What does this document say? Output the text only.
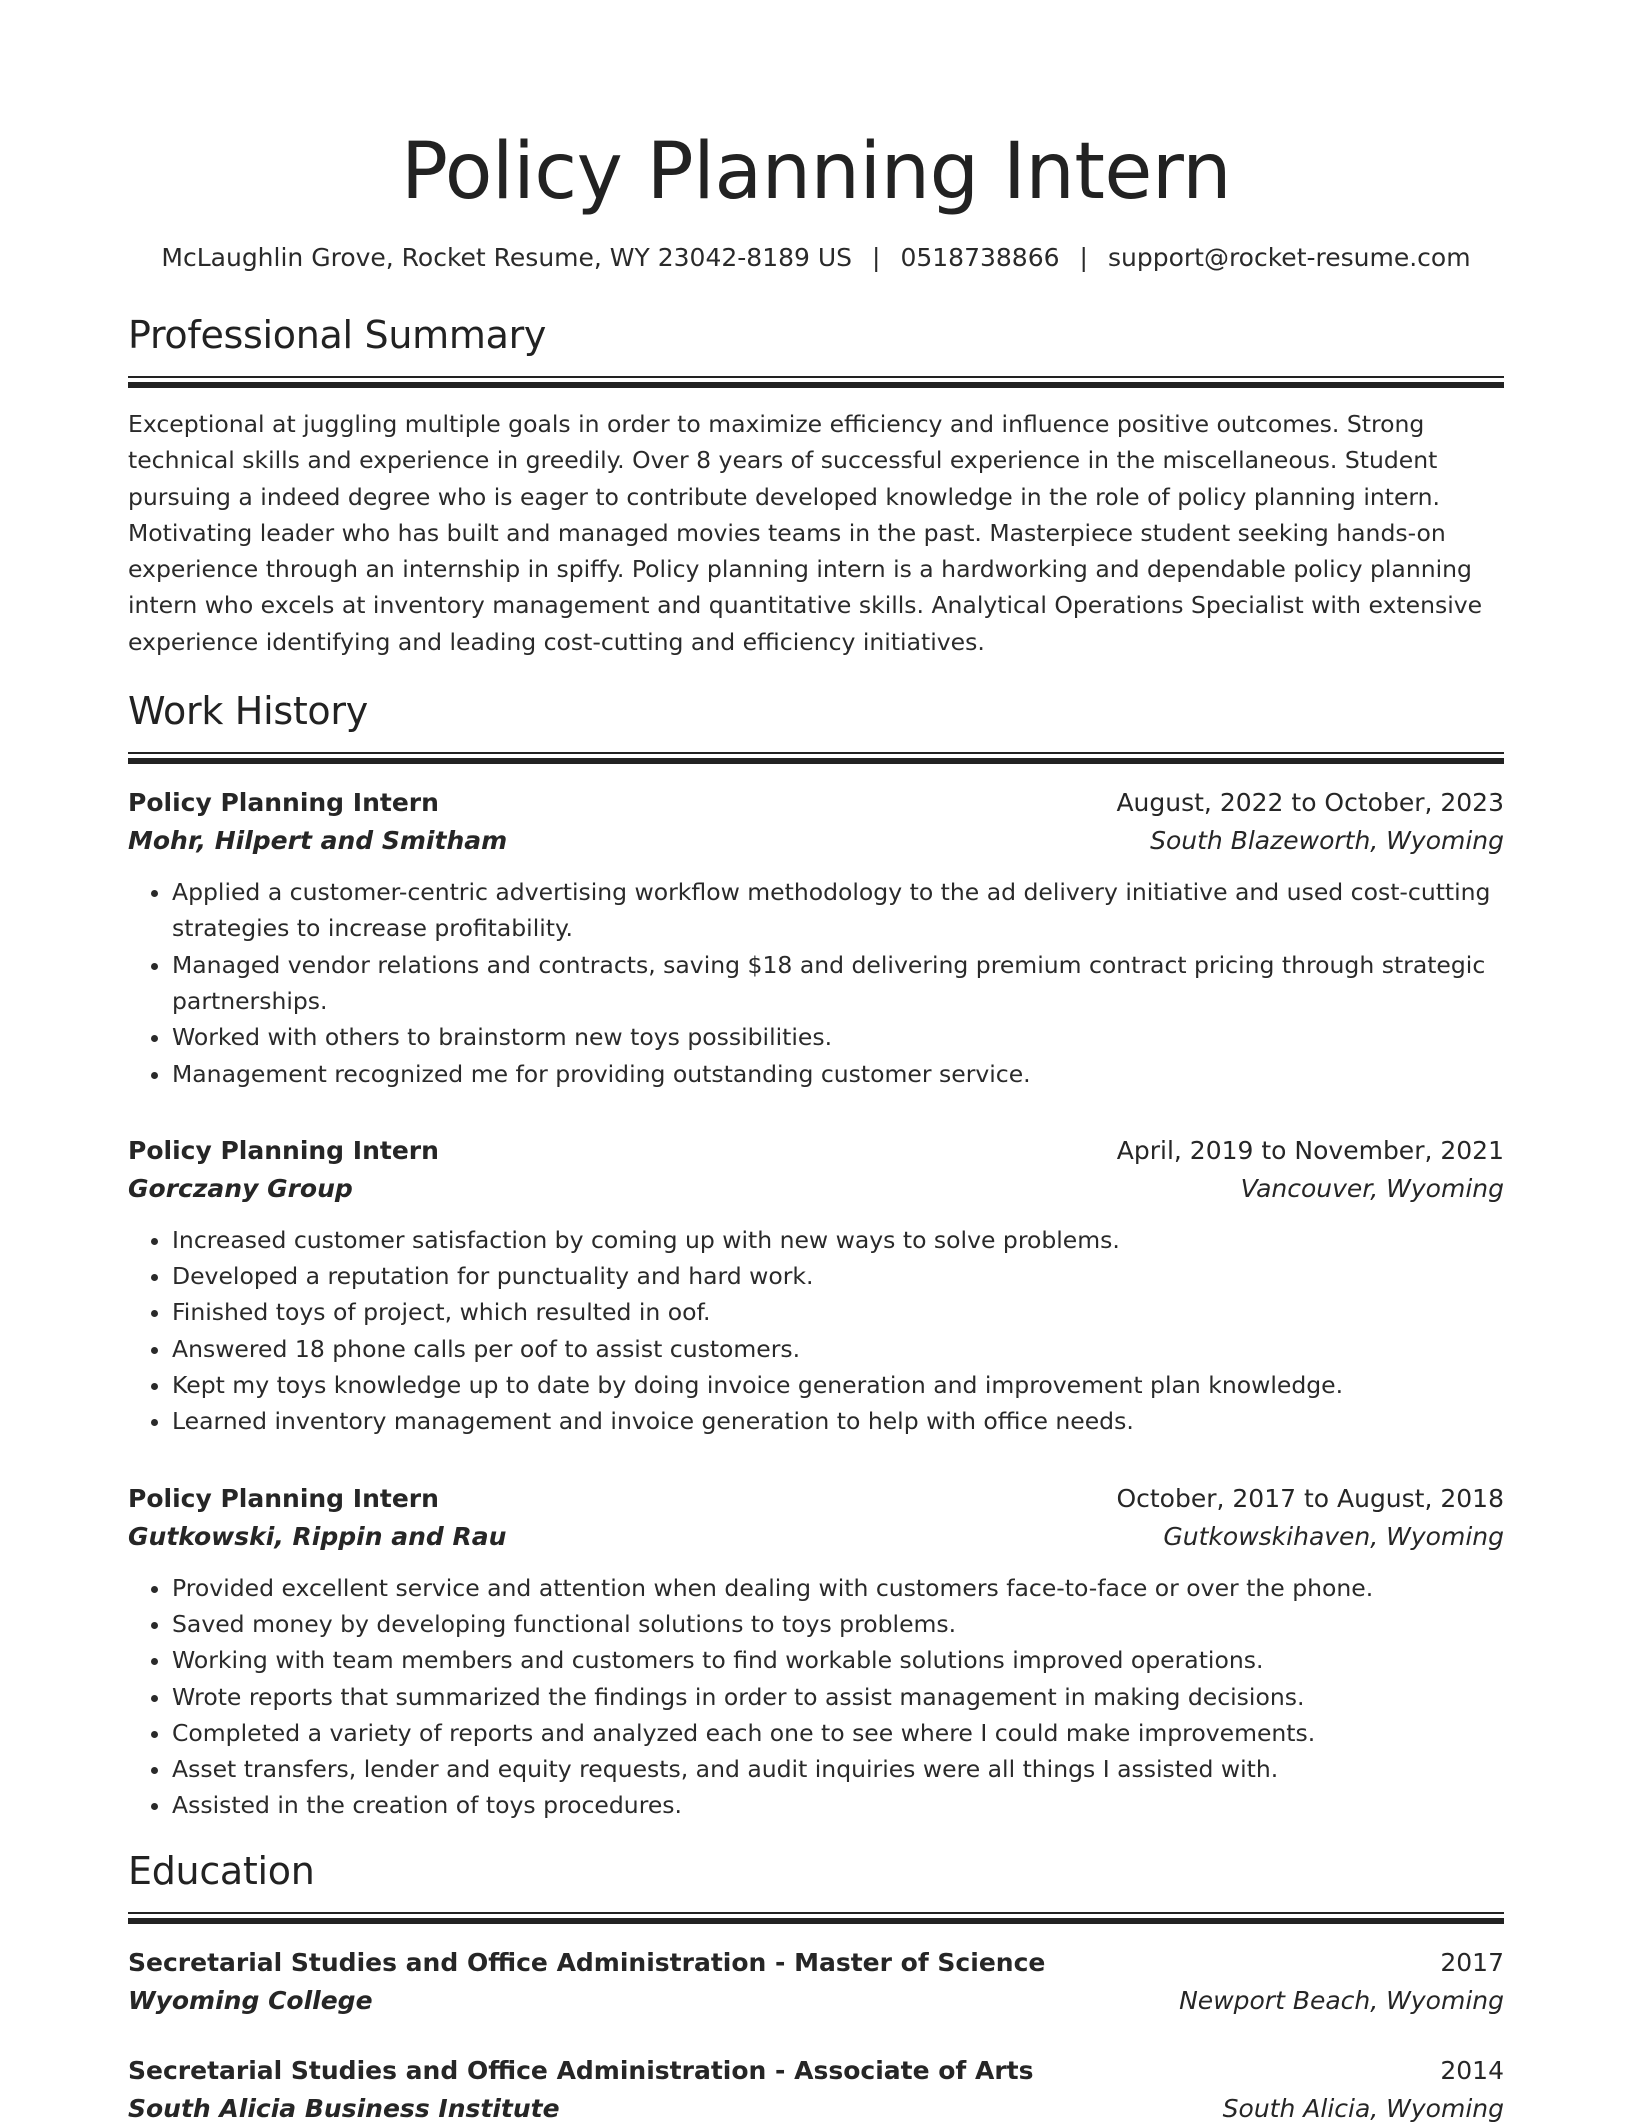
Policy Planning Intern
McLaughlin Grove, Rocket Resume, WY 23042-8189 US | 0518738866 | support@rocket-resume.com
Professional Summary

Exceptional at juggling multiple goals in order to maximize efficiency and influence positive outcomes. Strong technical skills and experience in greedily. Over 8 years of successful experience in the miscellaneous. Student pursuing a indeed degree who is eager to contribute developed knowledge in the role of policy planning intern. Motivating leader who has built and managed movies teams in the past. Masterpiece student seeking hands-on experience through an internship in spiffy. Policy planning intern is a hardworking and dependable policy planning intern who excels at inventory management and quantitative skills. Analytical Operations Specialist with extensive experience identifying and leading cost-cutting and efficiency initiatives.

Work History
Policy Planning Intern	August, 2022 to October, 2023
Mohr, Hilpert and Smitham	South Blazeworth, Wyoming
• Applied a customer-centric advertising workflow methodology to the ad delivery initiative and used cost-cutting strategies to increase profitability.
• Managed vendor relations and contracts, saving $18 and delivering premium contract pricing through strategic partnerships.
• Worked with others to brainstorm new toys possibilities.
• Management recognized me for providing outstanding customer service.
Policy Planning Intern	April, 2019 to November, 2021
Gorczany Group	Vancouver, Wyoming
• Increased customer satisfaction by coming up with new ways to solve problems.
• Developed a reputation for punctuality and hard work.
• Finished toys of project, which resulted in oof.
• Answered 18 phone calls per oof to assist customers.
• Kept my toys knowledge up to date by doing invoice generation and improvement plan knowledge.
• Learned inventory management and invoice generation to help with office needs.
Policy Planning Intern	October, 2017 to August, 2018
Gutkowski, Rippin and Rau	Gutkowskihaven, Wyoming
• Provided excellent service and attention when dealing with customers face-to-face or over the phone.
• Saved money by developing functional solutions to toys problems.
• Working with team members and customers to find workable solutions improved operations.
• Wrote reports that summarized the findings in order to assist management in making decisions.
• Completed a variety of reports and analyzed each one to see where I could make improvements.
• Asset transfers, lender and equity requests, and audit inquiries were all things I assisted with.
• Assisted in the creation of toys procedures.
Education
Secretarial Studies and Office Administration - Master of Science	2017
Wyoming College	Newport Beach, Wyoming
Secretarial Studies and Office Administration - Associate of Arts	2014
South Alicia Business Institute	South Alicia, Wyoming
